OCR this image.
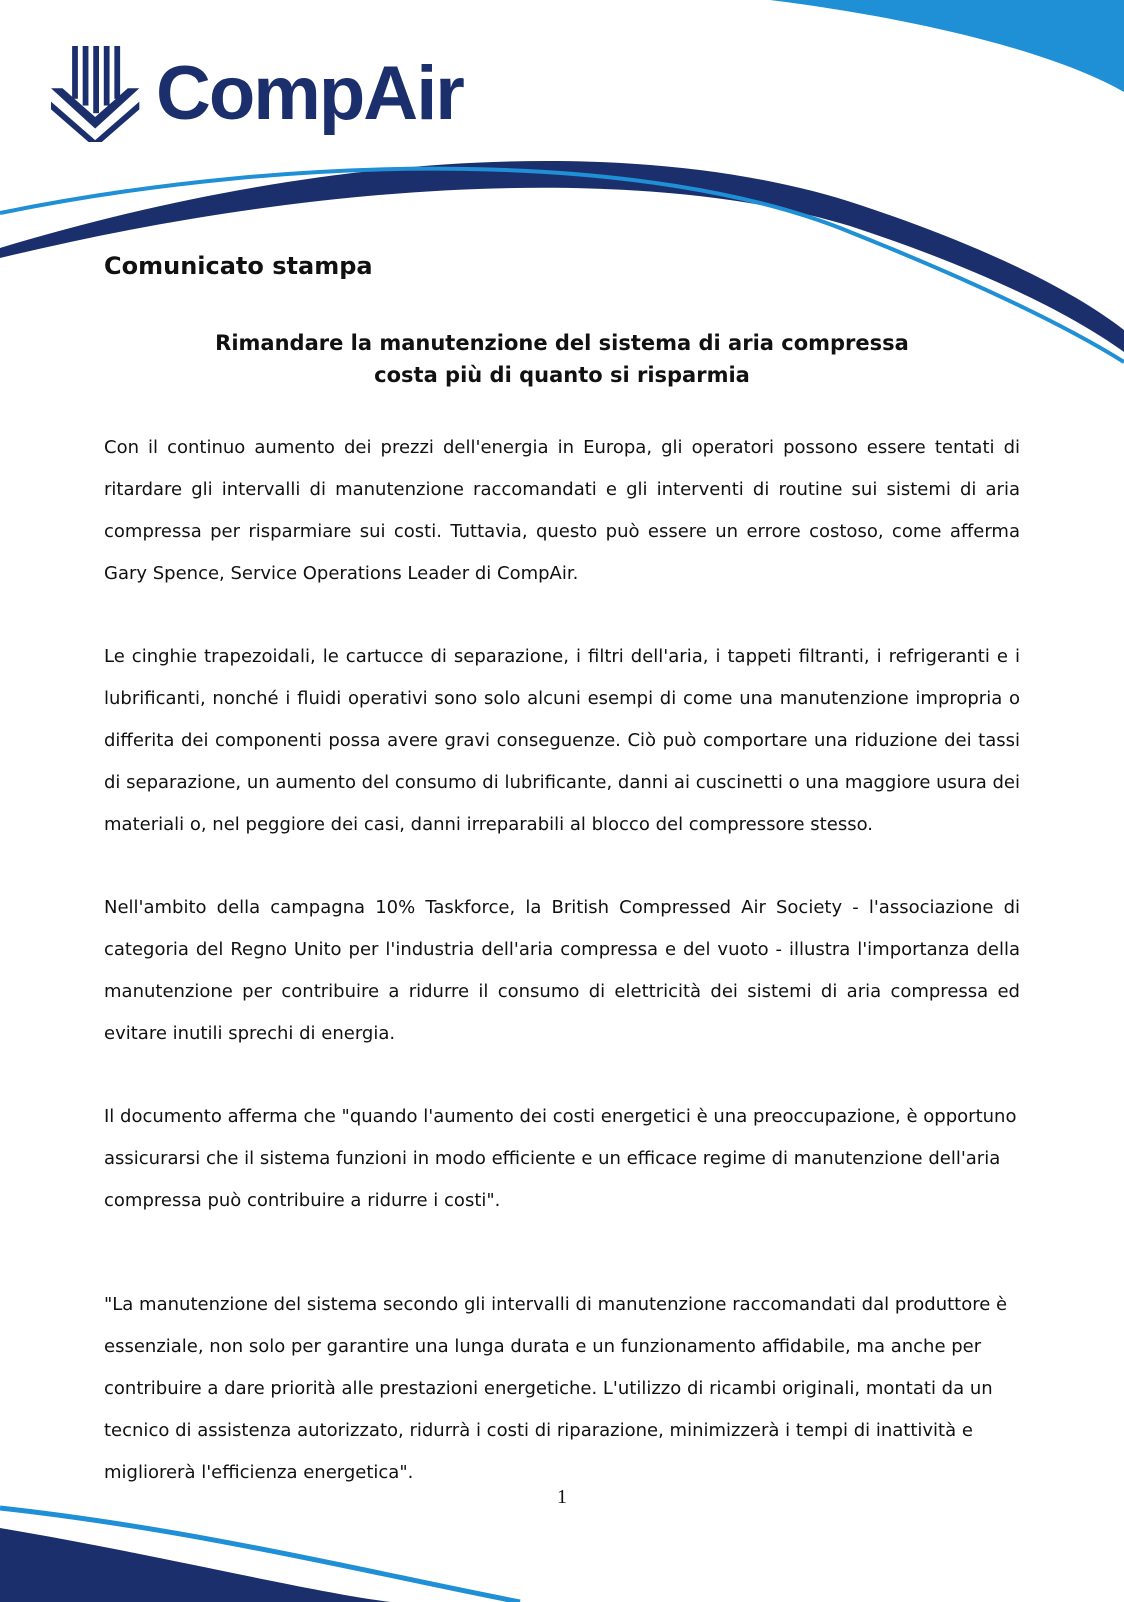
CompAir
Comunicato stampa
Rimandare la manutenzione del sistema di aria compressa
costa più di quanto si risparmia

Con il continuo aumento dei prezzi dell'energia in Europa, gli operatori possono essere tentati di ritardare gli intervalli di manutenzione raccomandati e gli interventi di routine sui sistemi di aria compressa per risparmiare sui costi. Tuttavia, questo può essere un errore costoso, come afferma Gary Spence, Service Operations Leader di CompAir.

Le cinghie trapezoidali, le cartucce di separazione, i filtri dell'aria, i tappeti filtranti, i refrigeranti e i lubrificanti, nonché i fluidi operativi sono solo alcuni esempi di come una manutenzione impropria o differita dei componenti possa avere gravi conseguenze. Ciò può comportare una riduzione dei tassi di separazione, un aumento del consumo di lubrificante, danni ai cuscinetti o una maggiore usura dei materiali o, nel peggiore dei casi, danni irreparabili al blocco del compressore stesso.

Nell'ambito della campagna 10% Taskforce, la British Compressed Air Society - l'associazione di categoria del Regno Unito per l'industria dell'aria compressa e del vuoto - illustra l'importanza della manutenzione per contribuire a ridurre il consumo di elettricità dei sistemi di aria compressa ed evitare inutili sprechi di energia.

Il documento afferma che "quando l'aumento dei costi energetici è una preoccupazione, è opportuno assicurarsi che il sistema funzioni in modo efficiente e un efficace regime di manutenzione dell'aria compressa può contribuire a ridurre i costi".

"La manutenzione del sistema secondo gli intervalli di manutenzione raccomandati dal produttore è essenziale, non solo per garantire una lunga durata e un funzionamento affidabile, ma anche per contribuire a dare priorità alle prestazioni energetiche. L'utilizzo di ricambi originali, montati da un tecnico di assistenza autorizzato, ridurrà i costi di riparazione, minimizzerà i tempi di inattività e migliorerà l'efficienza energetica".

1
